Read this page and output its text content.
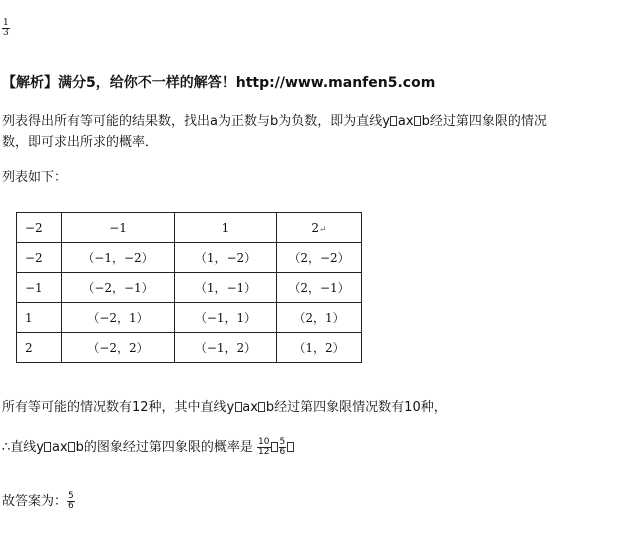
$\frac{1}{3}$
【解析】满分5，给你不一样的解答！http://www.manfen5.com
列表得出所有等可能的结果数，找出a为正数与b为负数，即为直线y ax b经过第四象限的情况
数，即可求出所求的概率．
列表如下：
−2	−1	1	2↵
−2	（−1，−2）	（1，−2）	（2，−2）
−1	（−2，−1）	（1，−1）	（2，−1）
1	（−2，1）	（−1，1）	（2，1）
2	（−2，2）	（−1，2）	（1，2）
所有等可能的情况数有12种，其中直线y ax b经过第四象限情况数有10种，
∴直线y ax b的图象经过第四象限的概率是 $\frac{10}{12} \frac{5}{6}$
故答案为： $\frac{5}{6}$
